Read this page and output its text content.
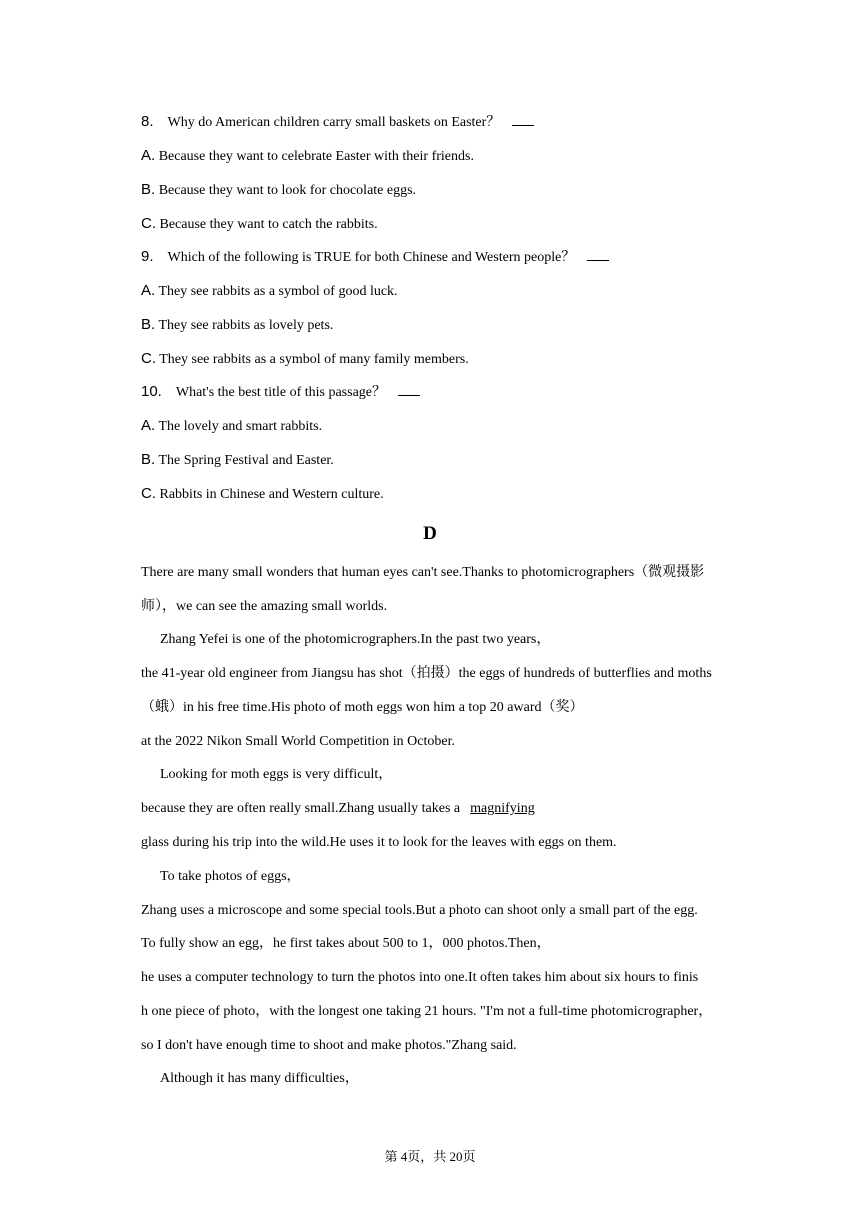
8. Why do American children carry small baskets on Easter？
A. Because they want to celebrate Easter with their friends.
B. Because they want to look for chocolate eggs.
C. Because they want to catch the rabbits.
9. Which of the following is TRUE for both Chinese and Western people？
A. They see rabbits as a symbol of good luck.
B. They see rabbits as lovely pets.
C. They see rabbits as a symbol of many family members.
10. What's the best title of this passage？
A. The lovely and smart rabbits.
B. The Spring Festival and Easter.
C. Rabbits in Chinese and Western culture.
D
There are many small wonders that human eyes can't see.Thanks to photomicrographers（微观摄影
师），we can see the amazing small worlds.
Zhang Yefei is one of the photomicrographers.In the past two years，
the 41-year old engineer from Jiangsu has shot（拍摄）the eggs of hundreds of butterflies and moths
（蛾）in his free time.His photo of moth eggs won him a top 20 award（奖）
at the 2022 Nikon Small World Competition in October.
Looking for moth eggs is very difficult，
because they are often really small.Zhang usually takes a magnifying
glass during his trip into the wild.He uses it to look for the leaves with eggs on them.
To take photos of eggs，
Zhang uses a microscope and some special tools.But a photo can shoot only a small part of the egg.
To fully show an egg，he first takes about 500 to 1，000 photos.Then，
he uses a computer technology to turn the photos into one.It often takes him about six hours to finis
h one piece of photo，with the longest one taking 21 hours. "I'm not a full-time photomicrographer，
so I don't have enough time to shoot and make photos."Zhang said.
Although it has many difficulties，
第 4页，共 20页
